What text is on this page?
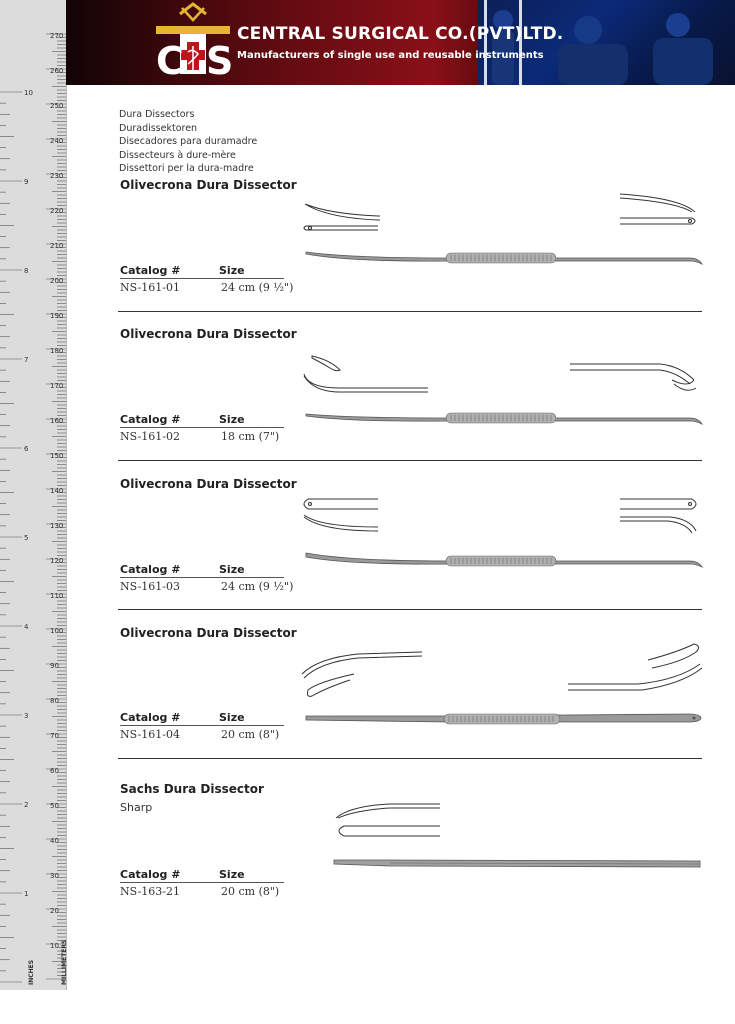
270
260
250
240
230
220
210
200
190
180
170
160
150
140
130
120
110
100
90
80
70
60
50
40
30
20
10
10
9
8
7
6
5
4
3
2
1
INCHES	MILLIMETERS
C S
CENTRAL SURGICAL CO.(PVT)LTD.
Manufacturers of single use and reusable instruments
Dura Dissectors
Duradissektoren
Disecadores para duramadre
Dissecteurs à dure-mère
Dissettori per la dura-madre
Olivecrona Dura Dissector
Catalog #	Size
NS-161-01	24 cm (9 ½")
Olivecrona Dura Dissector
Catalog #	Size
NS-161-02	18 cm (7")
Olivecrona Dura Dissector
Catalog #	Size
NS-161-03	24 cm (9 ½")
Olivecrona Dura Dissector
Catalog #	Size
NS-161-04	20 cm (8")
Sachs Dura Dissector
Sharp
Catalog #	Size
NS-163-21	20 cm (8")
